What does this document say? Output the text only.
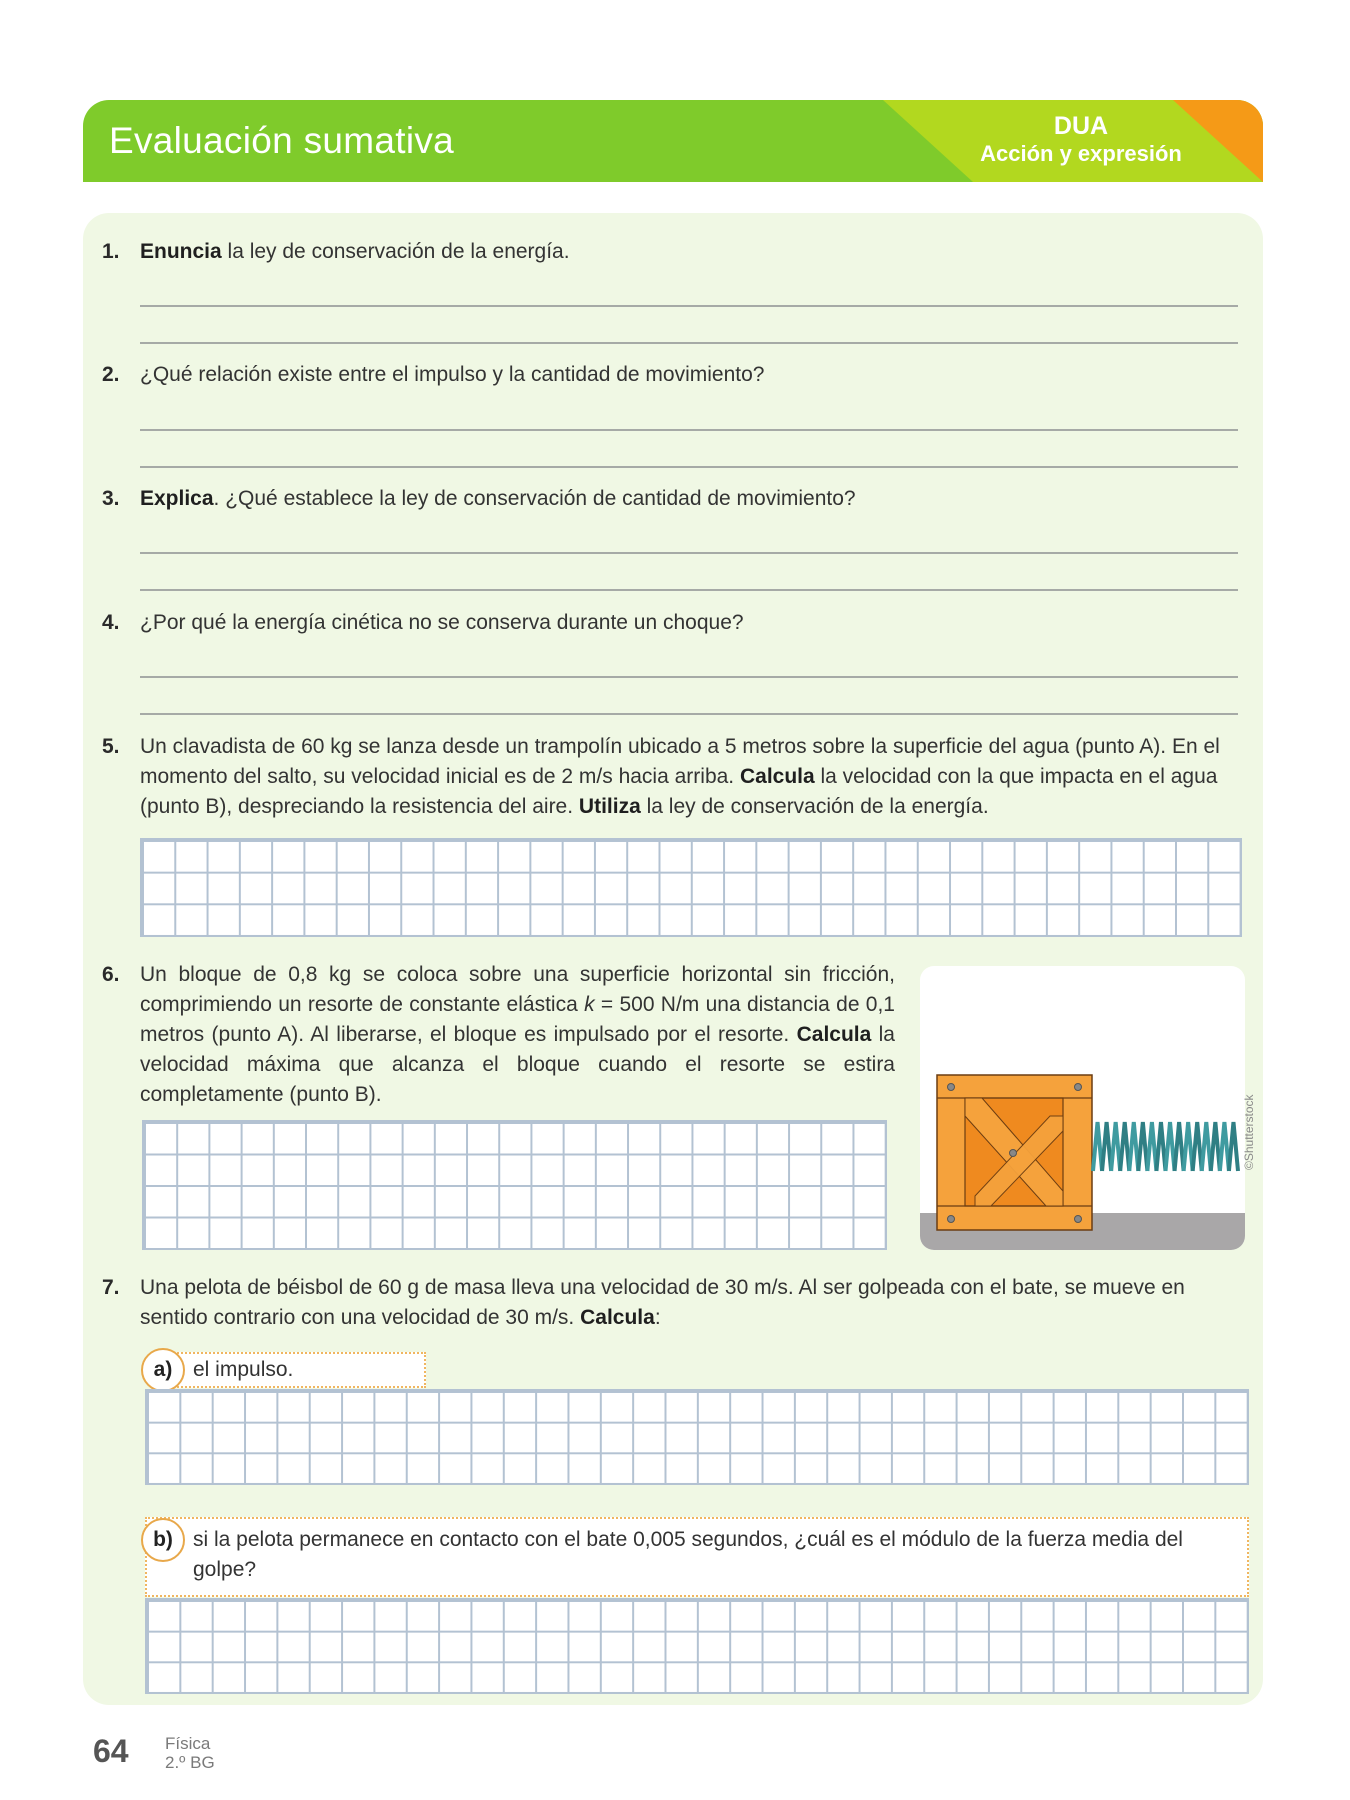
Evaluación sumativa	DUA
Acción y expresión
1. Enuncia la ley de conservación de la energía.
2. ¿Qué relación existe entre el impulso y la cantidad de movimiento?
3. Explica. ¿Qué establece la ley de conservación de cantidad de movimiento?
4. ¿Por qué la energía cinética no se conserva durante un choque?
5. Un clavadista de 60 kg se lanza desde un trampolín ubicado a 5 metros sobre la superficie del agua (punto A). En el momento del salto, su velocidad inicial es de 2 m/s hacia arriba. Calcula la velocidad con la que impacta en el agua (punto B), despreciando la resistencia del aire. Utiliza la ley de conservación de la energía.
6. Un bloque de 0,8 kg se coloca sobre una superficie horizontal sin fricción, comprimiendo un resorte de constante elástica k = 500 N/m una distancia de 0,1 metros (punto A). Al liberarse, el bloque es impulsado por el resorte. Calcula la velocidad máxima que alcanza el bloque cuando el resorte se estira completamente (punto B).	©Shutterstock
7. Una pelota de béisbol de 60 g de masa lleva una velocidad de 30 m/s. Al ser golpeada con el bate, se mueve en sentido contrario con una velocidad de 30 m/s. Calcula:
a) el impulso.
b) si la pelota permanece en contacto con el bate 0,005 segundos, ¿cuál es el módulo de la fuerza media del golpe?
64 Física
2.º BG
